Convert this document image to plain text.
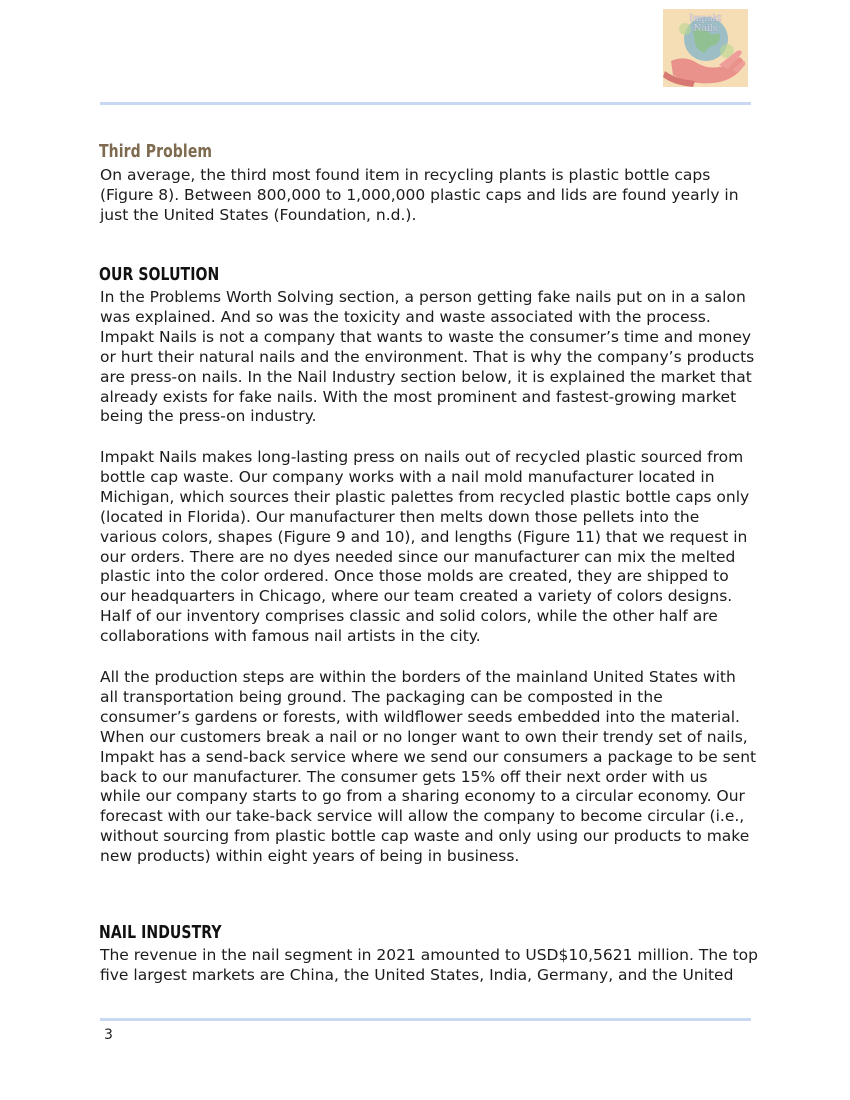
Impakt
Nails
Third Problem

On average, the third most found item in recycling plants is plastic bottle caps
(Figure 8). Between 800,000 to 1,000,000 plastic caps and lids are found yearly in
just the United States (Foundation, n.d.).

OUR SOLUTION

In the Problems Worth Solving section, a person getting fake nails put on in a salon
was explained. And so was the toxicity and waste associated with the process.
Impakt Nails is not a company that wants to waste the consumer’s time and money
or hurt their natural nails and the environment. That is why the company’s products
are press-on nails. In the Nail Industry section below, it is explained the market that
already exists for fake nails. With the most prominent and fastest-growing market
being the press-on industry.

Impakt Nails makes long-lasting press on nails out of recycled plastic sourced from
bottle cap waste. Our company works with a nail mold manufacturer located in
Michigan, which sources their plastic palettes from recycled plastic bottle caps only
(located in Florida). Our manufacturer then melts down those pellets into the
various colors, shapes (Figure 9 and 10), and lengths (Figure 11) that we request in
our orders. There are no dyes needed since our manufacturer can mix the melted
plastic into the color ordered. Once those molds are created, they are shipped to
our headquarters in Chicago, where our team created a variety of colors designs.
Half of our inventory comprises classic and solid colors, while the other half are
collaborations with famous nail artists in the city.

All the production steps are within the borders of the mainland United States with
all transportation being ground. The packaging can be composted in the
consumer’s gardens or forests, with wildflower seeds embedded into the material.
When our customers break a nail or no longer want to own their trendy set of nails,
Impakt has a send-back service where we send our consumers a package to be sent
back to our manufacturer. The consumer gets 15% off their next order with us
while our company starts to go from a sharing economy to a circular economy. Our
forecast with our take-back service will allow the company to become circular (i.e.,
without sourcing from plastic bottle cap waste and only using our products to make
new products) within eight years of being in business.

NAIL INDUSTRY

The revenue in the nail segment in 2021 amounted to USD$10,5621 million. The top
five largest markets are China, the United States, India, Germany, and the United

3
